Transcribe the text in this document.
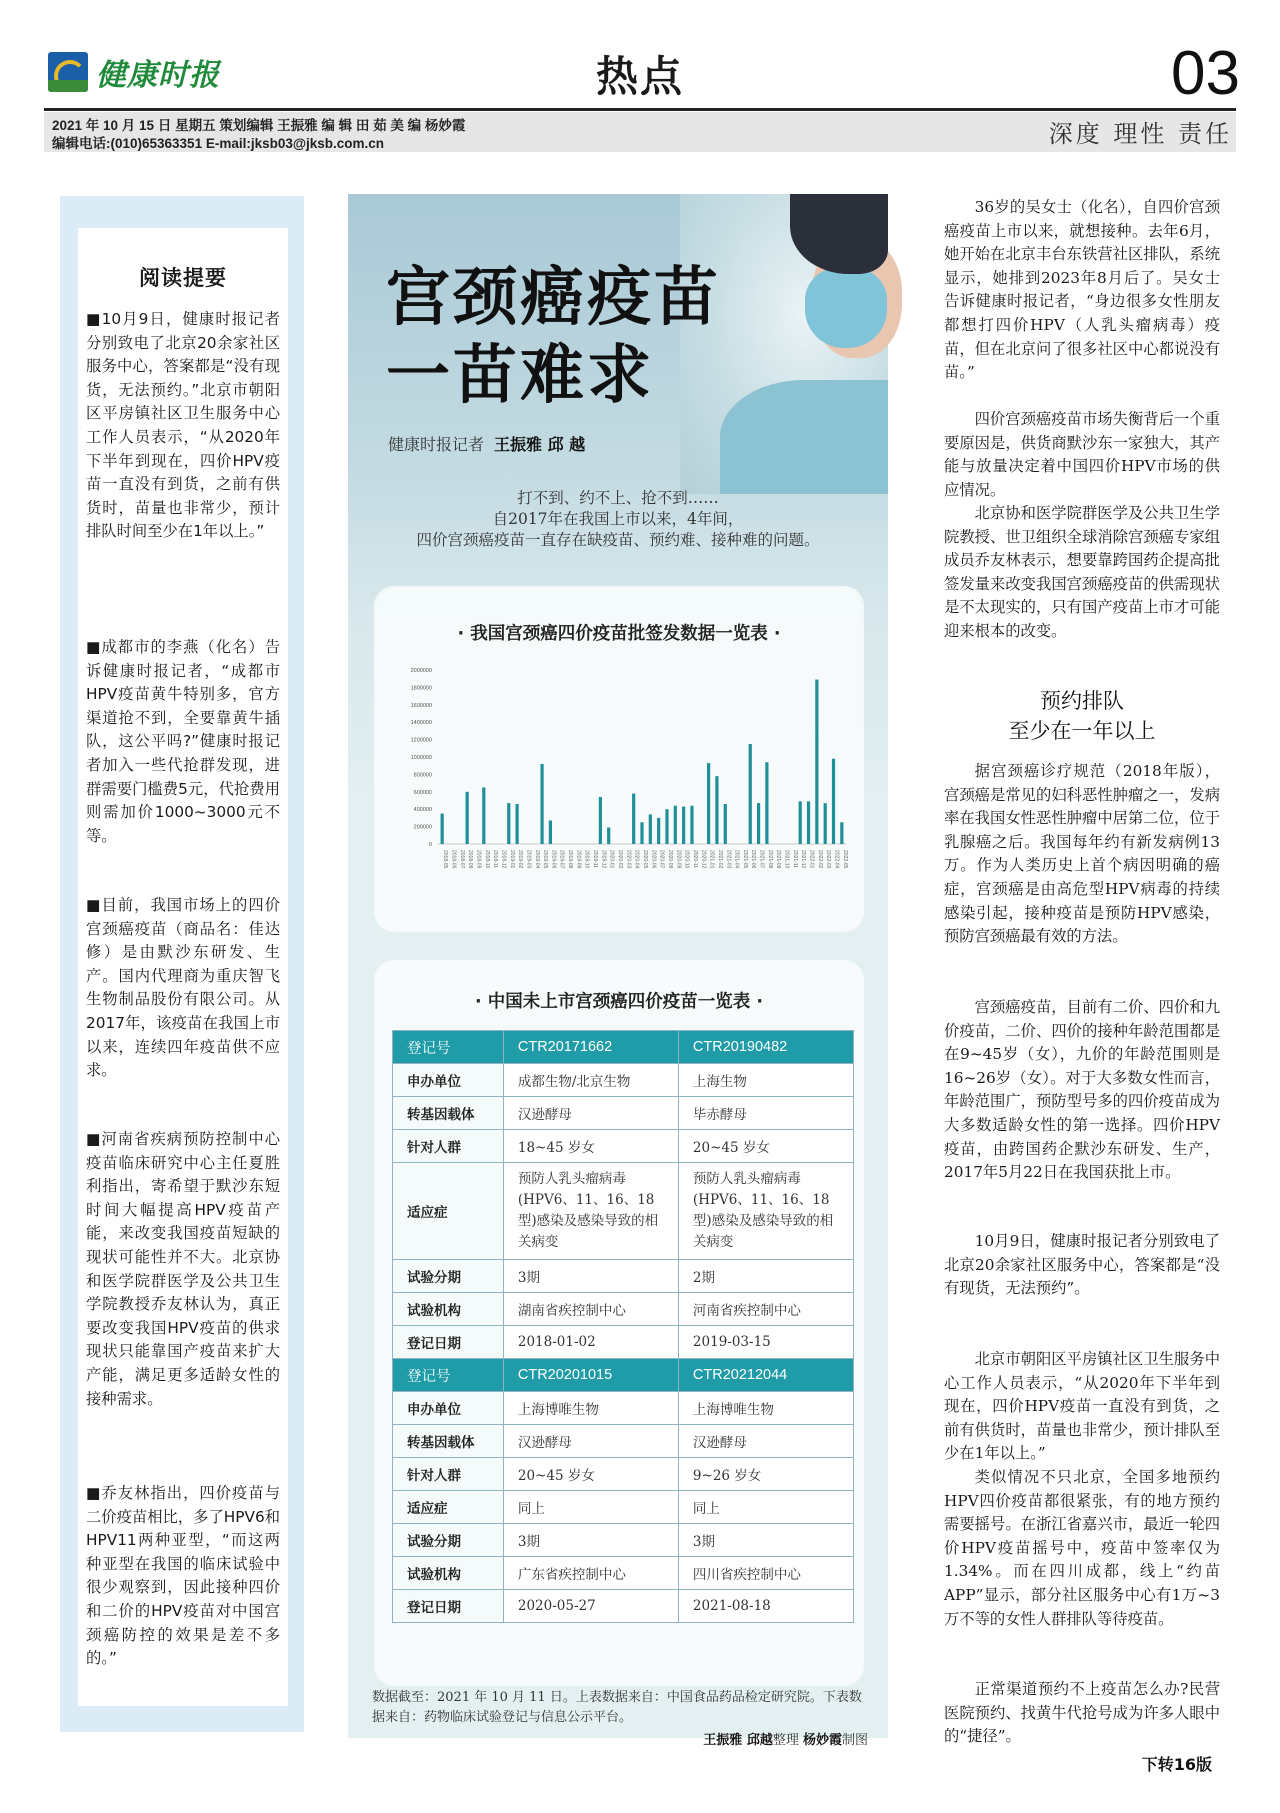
健康时报	热点	03
2021 年 10 月 15 日 星期五 策划编辑 王振雅 编 辑 田 茹 美 编 杨妙霞
编辑电话:(010)65363351 E-mail:jksb03@jksb.com.cn	深度 理性 责任
阅读提要

■10月9日，健康时报记者分别致电了北京20余家社区服务中心，答案都是“没有现货，无法预约。”北京市朝阳区平房镇社区卫生服务中心工作人员表示，“从2020年下半年到现在，四价HPV疫苗一直没有到货，之前有供货时，苗量也非常少，预计排队时间至少在1年以上。”

■成都市的李燕（化名）告诉健康时报记者，“成都市HPV疫苗黄牛特别多，官方渠道抢不到，全要靠黄牛插队，这公平吗?”健康时报记者加入一些代抢群发现，进群需要门槛费5元，代抢费用则需加价1000~3000元不等。

■目前，我国市场上的四价宫颈癌疫苗（商品名：佳达修）是由默沙东研发、生产。国内代理商为重庆智飞生物制品股份有限公司。从2017年，该疫苗在我国上市以来，连续四年疫苗供不应求。

■河南省疾病预防控制中心疫苗临床研究中心主任夏胜利指出，寄希望于默沙东短时间大幅提高HPV疫苗产能，来改变我国疫苗短缺的现状可能性并不大。北京协和医学院群医学及公共卫生学院教授乔友林认为，真正要改变我国HPV疫苗的供求现状只能靠国产疫苗来扩大产能，满足更多适龄女性的接种需求。

■乔友林指出，四价疫苗与二价疫苗相比，多了HPV6和HPV11两种亚型，“而这两种亚型在我国的临床试验中很少观察到，因此接种四价和二价的HPV疫苗对中国宫颈癌防控的效果是差不多的。”

宫颈癌疫苗
一苗难求
健康时报记者 王振雅 邱 越
打不到、约不上、抢不到……
自2017年在我国上市以来，4年间，
四价宫颈癌疫苗一直存在缺疫苗、预约难、接种难的问题。
· 我国宫颈癌四价疫苗批签发数据一览表 ·
0
200000
400000
600000
800000
1000000
1200000
1400000
1600000
1800000
2000000
2018-05 2018-06 2018-07 2018-08 2018-09 2018-10 2018-11 2018-12 2019-01 2019-02 2019-03 2019-04 2019-05 2019-06 2019-07 2019-08 2019-09 2019-10 2019-11 2019-12 2020-01 2020-02 2020-03 2020-04 2020-05 2020-06 2020-07 2020-08 2020-09 2020-10 2020-11 2020-12 2021-01 2021-02 2021-03 2021-04 2021-05 2021-06 2021-07 2021-08 2021-09 2021-10 2021-11 2021-12 2022-01 2022-02 2022-03 2022-04 2022-05
· 中国未上市宫颈癌四价疫苗一览表 ·
登记号	CTR20171662	CTR20190482
申办单位	成都生物/北京生物	上海生物
转基因载体	汉逊酵母	毕赤酵母
针对人群	18~45 岁女	20~45 岁女
适应症	预防人乳头瘤病毒(HPV6、11、16、18型)感染及感染导致的相关病变	预防人乳头瘤病毒(HPV6、11、16、18型)感染及感染导致的相关病变

试验分期	3期	2期
试验机构	湖南省疾控制中心	河南省疾控制中心
登记日期	2018-01-02	2019-03-15
登记号	CTR20201015	CTR20212044
申办单位	上海博唯生物	上海博唯生物
转基因载体	汉逊酵母	汉逊酵母
针对人群	20~45 岁女	9~26 岁女
适应症	同上	同上
试验分期	3期	3期
试验机构	广东省疾控制中心	四川省疾控制中心
登记日期	2020-05-27	2021-08-18
数据截至：2021 年 10 月 11 日。上表数据来自：中国食品药品检定研究院。下表数据来自：药物临床试验登记与信息公示平台。
王振雅 邱越整理 杨妙霞制图

36岁的吴女士（化名），自四价宫颈癌疫苗上市以来，就想接种。去年6月，她开始在北京丰台东铁营社区排队，系统显示，她排到2023年8月后了。吴女士告诉健康时报记者，“身边很多女性朋友都想打四价HPV（人乳头瘤病毒）疫苗，但在北京问了很多社区中心都说没有苗。”

四价宫颈癌疫苗市场失衡背后一个重要原因是，供货商默沙东一家独大，其产能与放量决定着中国四价HPV市场的供应情况。

北京协和医学院群医学及公共卫生学院教授、世卫组织全球消除宫颈癌专家组成员乔友林表示，想要靠跨国药企提高批签发量来改变我国宫颈癌疫苗的供需现状是不太现实的，只有国产疫苗上市才可能迎来根本的改变。

预约排队
至少在一年以上

据宫颈癌诊疗规范（2018年版），宫颈癌是常见的妇科恶性肿瘤之一，发病率在我国女性恶性肿瘤中居第二位，位于乳腺癌之后。我国每年约有新发病例13万。作为人类历史上首个病因明确的癌症，宫颈癌是由高危型HPV病毒的持续感染引起，接种疫苗是预防HPV感染，预防宫颈癌最有效的方法。

宫颈癌疫苗，目前有二价、四价和九价疫苗，二价、四价的接种年龄范围都是在9~45岁（女），九价的年龄范围则是16~26岁（女）。对于大多数女性而言，年龄范围广，预防型号多的四价疫苗成为大多数适龄女性的第一选择。四价HPV疫苗，由跨国药企默沙东研发、生产，2017年5月22日在我国获批上市。

10月9日，健康时报记者分别致电了北京20余家社区服务中心，答案都是“没有现货，无法预约”。

北京市朝阳区平房镇社区卫生服务中心工作人员表示，“从2020年下半年到现在，四价HPV疫苗一直没有到货，之前有供货时，苗量也非常少，预计排队至少在1年以上。”

类似情况不只北京，全国多地预约HPV四价疫苗都很紧张，有的地方预约需要摇号。在浙江省嘉兴市，最近一轮四价HPV疫苗摇号中，疫苗中签率仅为1.34%。而在四川成都，线上“约苗APP”显示，部分社区服务中心有1万~3万不等的女性人群排队等待疫苗。

正常渠道预约不上疫苗怎么办?民营医院预约、找黄牛代抢号成为许多人眼中的“捷径”。

下转16版
